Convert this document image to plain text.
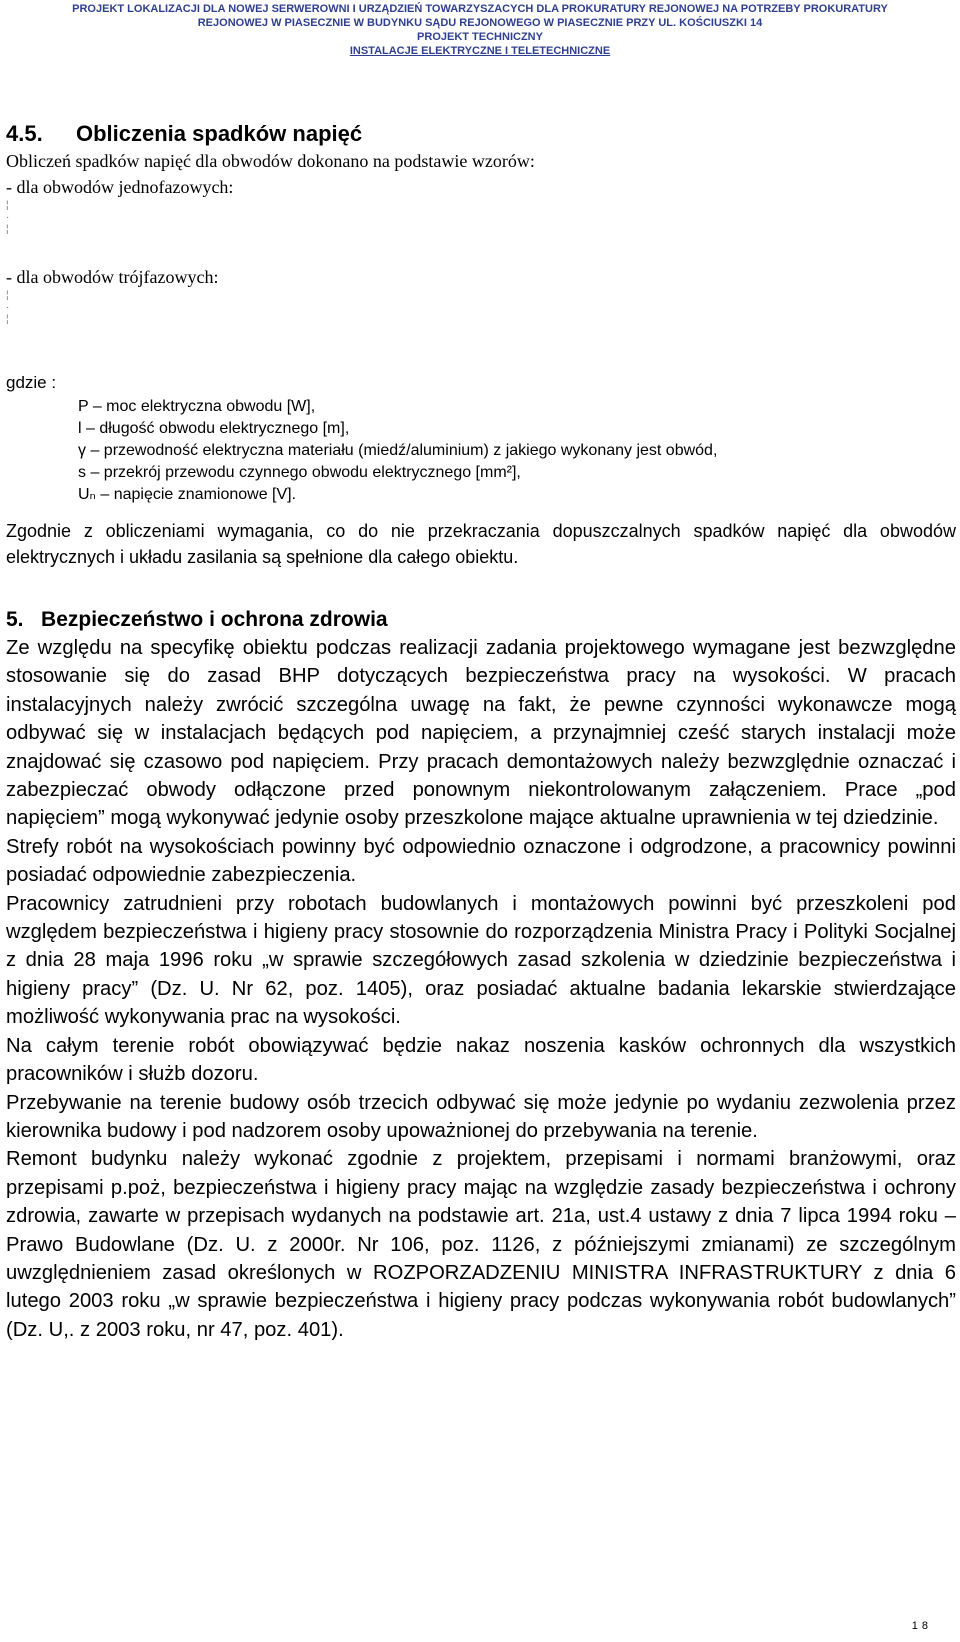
PROJEKT LOKALIZACJI DLA NOWEJ SERWEROWNI I URZĄDZIEŃ TOWARZYSZACYCH DLA PROKURATURY REJONOWEJ NA POTRZEBY PROKURATURY
REJONOWEJ W PIASECZNIE W BUDYNKU SĄDU REJONOWEGO W PIASECZNIE PRZY UL. KOŚCIUSZKI 14
PROJEKT TECHNICZNY
INSTALACJE ELEKTRYCZNE I TELETECHNICZNE
4.5. Obliczenia spadków napięć

Obliczeń spadków napięć dla obwodów dokonano na podstawie wzorów:

- dla obwodów jednofazowych:

¦
·
¦

- dla obwodów trójfazowych:

¦
·
¦

gdzie :

P – moc elektryczna obwodu [W],
l – długość obwodu elektrycznego [m],
γ – przewodność elektryczna materiału (miedź/aluminium) z jakiego wykonany jest obwód,
s – przekrój przewodu czynnego obwodu elektrycznego [mm²],
Uₙ – napięcie znamionowe [V].

Zgodnie z obliczeniami wymagania, co do nie przekraczania dopuszczalnych spadków napięć dla obwodów elektrycznych i układu zasilania są spełnione dla całego obiektu.

5. Bezpieczeństwo i ochrona zdrowia

Ze względu na specyfikę obiektu podczas realizacji zadania projektowego wymagane jest bezwzględne stosowanie się do zasad BHP dotyczących bezpieczeństwa pracy na wysokości. W pracach instalacyjnych należy zwrócić szczególna uwagę na fakt, że pewne czynności wykonawcze mogą odbywać się w instalacjach będących pod napięciem, a przynajmniej cześć starych instalacji może znajdować się czasowo pod napięciem. Przy pracach demontażowych należy bezwzględnie oznaczać i zabezpieczać obwody odłączone przed ponownym niekontrolowanym załączeniem. Prace „pod napięciem” mogą wykonywać jedynie osoby przeszkolone mające aktualne uprawnienia w tej dziedzinie.

Strefy robót na wysokościach powinny być odpowiednio oznaczone i odgrodzone, a pracownicy powinni posiadać odpowiednie zabezpieczenia.

Pracownicy zatrudnieni przy robotach budowlanych i montażowych powinni być przeszkoleni pod względem bezpieczeństwa i higieny pracy stosownie do rozporządzenia Ministra Pracy i Polityki Socjalnej z dnia 28 maja 1996 roku „w sprawie szczegółowych zasad szkolenia w dziedzinie bezpieczeństwa i higieny pracy” (Dz. U. Nr 62, poz. 1405), oraz posiadać aktualne badania lekarskie stwierdzające możliwość wykonywania prac na wysokości.

Na całym terenie robót obowiązywać będzie nakaz noszenia kasków ochronnych dla wszystkich pracowników i służb dozoru.

Przebywanie na terenie budowy osób trzecich odbywać się może jedynie po wydaniu zezwolenia przez kierownika budowy i pod nadzorem osoby upoważnionej do przebywania na terenie.

Remont budynku należy wykonać zgodnie z projektem, przepisami i normami branżowymi, oraz przepisami p.poż, bezpieczeństwa i higieny pracy mając na względzie zasady bezpieczeństwa i ochrony zdrowia, zawarte w przepisach wydanych na podstawie art. 21a, ust.4 ustawy z dnia 7 lipca 1994 roku – Prawo Budowlane (Dz. U. z 2000r. Nr 106, poz. 1126, z późniejszymi zmianami) ze szczególnym uwzględnieniem zasad określonych w ROZPORZADZENIU MINISTRA INFRASTRUKTURY z dnia 6 lutego 2003 roku „w sprawie bezpieczeństwa i higieny pracy podczas wykonywania robót budowlanych” (Dz. U,. z 2003 roku, nr 47, poz. 401).

18
